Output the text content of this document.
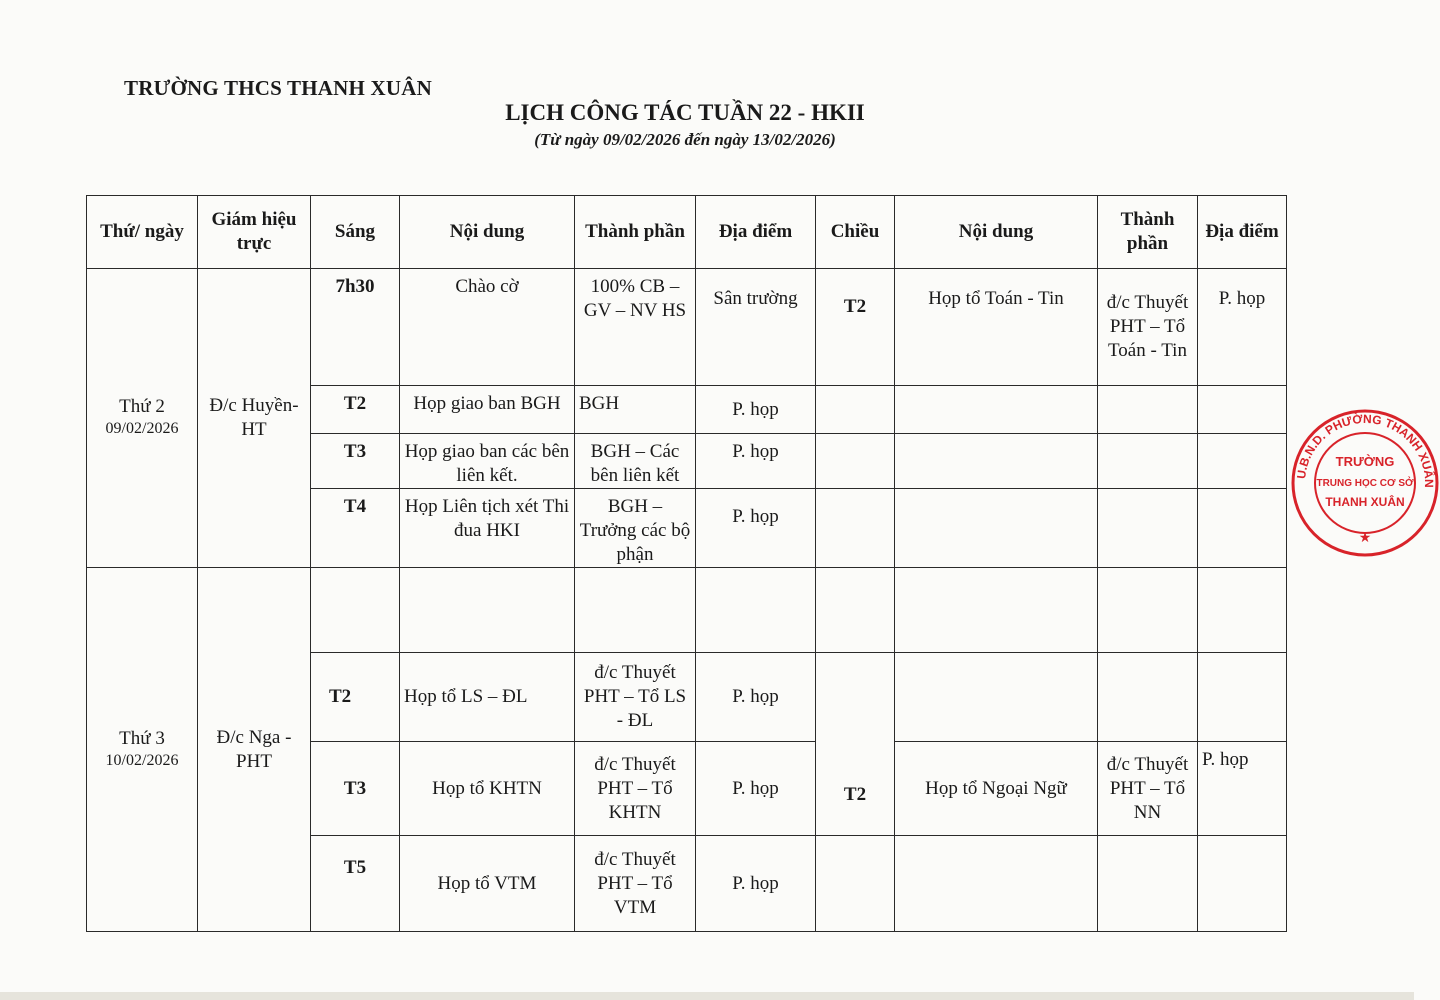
TRƯỜNG THCS THANH XUÂN
LỊCH CÔNG TÁC TUẦN 22 - HKII
(Từ ngày 09/02/2026 đến ngày 13/02/2026)
Thứ/ ngày	Giám hiệu trực	Sáng	Nội dung	Thành phần	Địa điểm	Chiều	Nội dung	Thành phần	Địa điểm
Thứ 2
09/02/2026	Đ/c Huyền- HT	7h30	Chào cờ	100% CB – GV – NV HS	Sân trường	T2	Họp tổ Toán - Tin	đ/c Thuyết PHT – Tổ Toán - Tin	P. họp
		T2	Họp giao ban BGH	BGH	P. họp				
		T3	Họp giao ban các bên liên kết.	BGH – Các bên liên kết	P. họp				
		T4	Họp Liên tịch xét Thi đua HKI	BGH – Trưởng các bộ phận	P. họp				
Thứ 3
10/02/2026	Đ/c Nga - PHT								
		T2	Họp tổ LS – ĐL	đ/c Thuyết PHT – Tổ LS - ĐL	P. họp	T2			
		T3	Họp tổ KHTN	đ/c Thuyết PHT – Tổ KHTN	P. họp		Họp tổ Ngoại Ngữ	đ/c Thuyết PHT – Tổ NN	P. họp
		T5	Họp tổ VTM	đ/c Thuyết PHT – Tổ VTM	P. họp				
U.B.N.D. PHƯỜNG THANH XUÂN
TRƯỜNG
TRUNG HỌC CƠ SỞ
THANH XUÂN
★
